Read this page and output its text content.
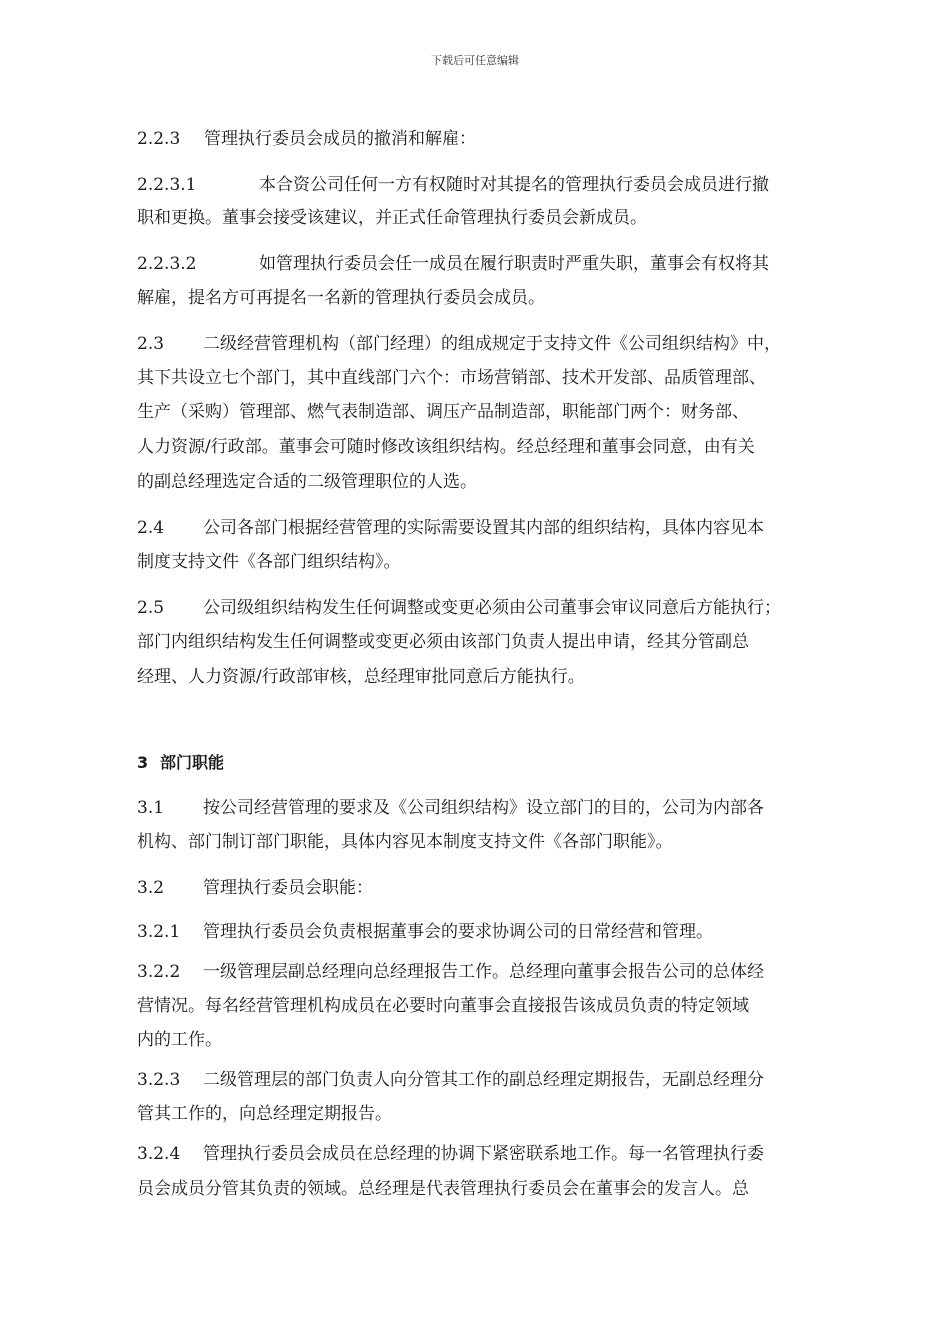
下载后可任意编辑
2.2.3 管理执行委员会成员的撤消和解雇：
2.2.3.1	本合资公司任何一方有权随时对其提名的管理执行委员会成员进行撤
职和更换。董事会接受该建议，并正式任命管理执行委员会新成员。
2.2.3.2	如管理执行委员会任一成员在履行职责时严重失职，董事会有权将其
解雇，提名方可再提名一名新的管理执行委员会成员。
2.3 二级经营管理机构（部门经理）的组成规定于支持文件《公司组织结构》中，
其下共设立七个部门，其中直线部门六个：市场营销部、技术开发部、品质管理部、
生产（采购）管理部、燃气表制造部、调压产品制造部，职能部门两个：财务部、
人力资源/行政部。董事会可随时修改该组织结构。经总经理和董事会同意，由有关
的副总经理选定合适的二级管理职位的人选。
2.4 公司各部门根据经营管理的实际需要设置其内部的组织结构，具体内容见本
制度支持文件《各部门组织结构》。
2.5 公司级组织结构发生任何调整或变更必须由公司董事会审议同意后方能执行；
部门内组织结构发生任何调整或变更必须由该部门负责人提出申请，经其分管副总
经理、人力资源/行政部审核，总经理审批同意后方能执行。
3 部门职能
3.1 按公司经营管理的要求及《公司组织结构》设立部门的目的，公司为内部各
机构、部门制订部门职能，具体内容见本制度支持文件《各部门职能》。
3.2 管理执行委员会职能：
3.2.1 管理执行委员会负责根据董事会的要求协调公司的日常经营和管理。
3.2.2 一级管理层副总经理向总经理报告工作。总经理向董事会报告公司的总体经
营情况。每名经营管理机构成员在必要时向董事会直接报告该成员负责的特定领域
内的工作。
3.2.3 二级管理层的部门负责人向分管其工作的副总经理定期报告，无副总经理分
管其工作的，向总经理定期报告。
3.2.4 管理执行委员会成员在总经理的协调下紧密联系地工作。每一名管理执行委
员会成员分管其负责的领域。总经理是代表管理执行委员会在董事会的发言人。总
